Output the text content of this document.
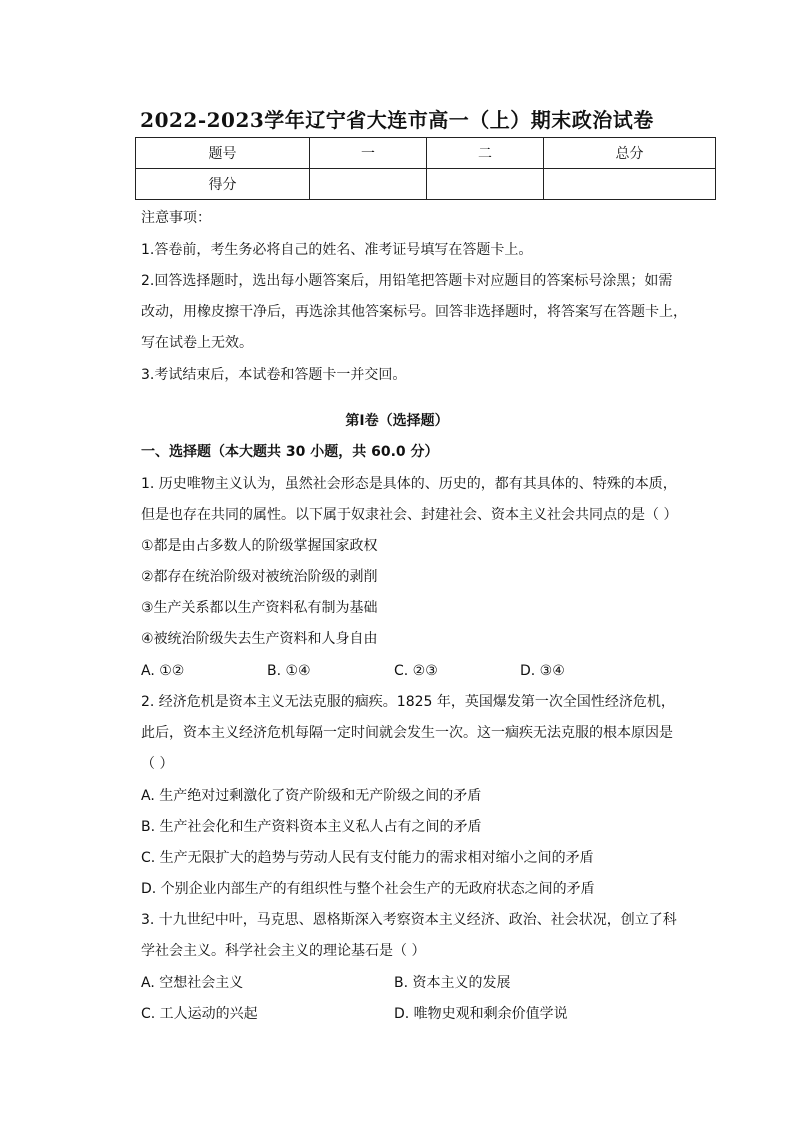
2022-2023学年辽宁省大连市高一（上）期末政治试卷
题号	一	二	总分
得分			
注意事项：
1.答卷前，考生务必将自己的姓名、准考证号填写在答题卡上。
2.回答选择题时，选出每小题答案后，用铅笔把答题卡对应题目的答案标号涂黑；如需
改动，用橡皮擦干净后，再选涂其他答案标号。回答非选择题时，将答案写在答题卡上，
写在试卷上无效。
3.考试结束后，本试卷和答题卡一并交回。
第I卷（选择题）
一、选择题（本大题共 30 小题，共 60.0 分）
1. 历史唯物主义认为，虽然社会形态是具体的、历史的，都有其具体的、特殊的本质，
但是也存在共同的属性。以下属于奴隶社会、封建社会、资本主义社会共同点的是（ ）
①都是由占多数人的阶级掌握国家政权
②都存在统治阶级对被统治阶级的剥削
③生产关系都以生产资料私有制为基础
④被统治阶级失去生产资料和人身自由
A. ①②	B. ①④	C. ②③	D. ③④
2. 经济危机是资本主义无法克服的痼疾。1825 年，英国爆发第一次全国性经济危机，
此后，资本主义经济危机每隔一定时间就会发生一次。这一痼疾无法克服的根本原因是
（ ）
A. 生产绝对过剩激化了资产阶级和无产阶级之间的矛盾
B. 生产社会化和生产资料资本主义私人占有之间的矛盾
C. 生产无限扩大的趋势与劳动人民有支付能力的需求相对缩小之间的矛盾
D. 个别企业内部生产的有组织性与整个社会生产的无政府状态之间的矛盾
3. 十九世纪中叶，马克思、恩格斯深入考察资本主义经济、政治、社会状况，创立了科
学社会主义。科学社会主义的理论基石是（ ）
A. 空想社会主义	B. 资本主义的发展
C. 工人运动的兴起	D. 唯物史观和剩余价值学说
